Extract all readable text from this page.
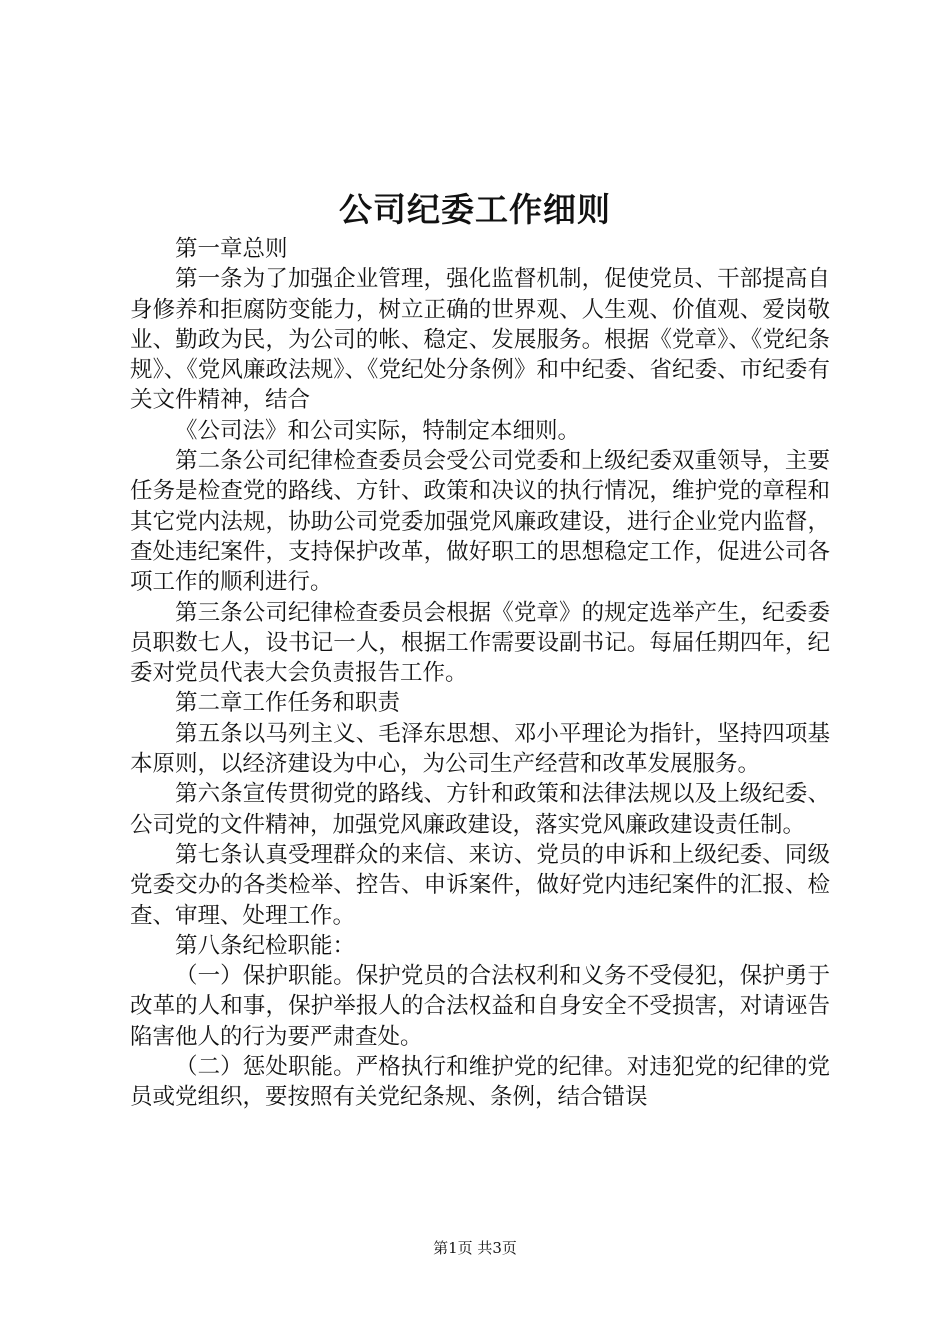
公司纪委工作细则

第一章总则

第一条为了加强企业管理，强化监督机制，促使党员、干部提高自身修养和拒腐防变能力，树立正确的世界观、人生观、价值观、爱岗敬业、勤政为民，为公司的帐、稳定、发展服务。根据《党章》、《党纪条规》、《党风廉政法规》、《党纪处分条例》和中纪委、省纪委、市纪委有关文件精神，结合

《公司法》和公司实际，特制定本细则。

第二条公司纪律检查委员会受公司党委和上级纪委双重领导，主要任务是检查党的路线、方针、政策和决议的执行情况，维护党的章程和其它党内法规，协助公司党委加强党风廉政建设，进行企业党内监督，查处违纪案件，支持保护改革，做好职工的思想稳定工作，促进公司各项工作的顺利进行。

第三条公司纪律检查委员会根据《党章》的规定选举产生，纪委委员职数七人，设书记一人，根据工作需要设副书记。每届任期四年，纪委对党员代表大会负责报告工作。

第二章工作任务和职责

第五条以马列主义、毛泽东思想、邓小平理论为指针，坚持四项基本原则，以经济建设为中心，为公司生产经营和改革发展服务。

第六条宣传贯彻党的路线、方针和政策和法律法规以及上级纪委、公司党的文件精神，加强党风廉政建设，落实党风廉政建设责任制。

第七条认真受理群众的来信、来访、党员的申诉和上级纪委、同级党委交办的各类检举、控告、申诉案件，做好党内违纪案件的汇报、检查、审理、处理工作。

第八条纪检职能：

（一）保护职能。保护党员的合法权利和义务不受侵犯，保护勇于改革的人和事，保护举报人的合法权益和自身安全不受损害，对请诬告陷害他人的行为要严肃查处。

（二）惩处职能。严格执行和维护党的纪律。对违犯党的纪律的党员或党组织，要按照有关党纪条规、条例，结合错误

第1页 共3页
